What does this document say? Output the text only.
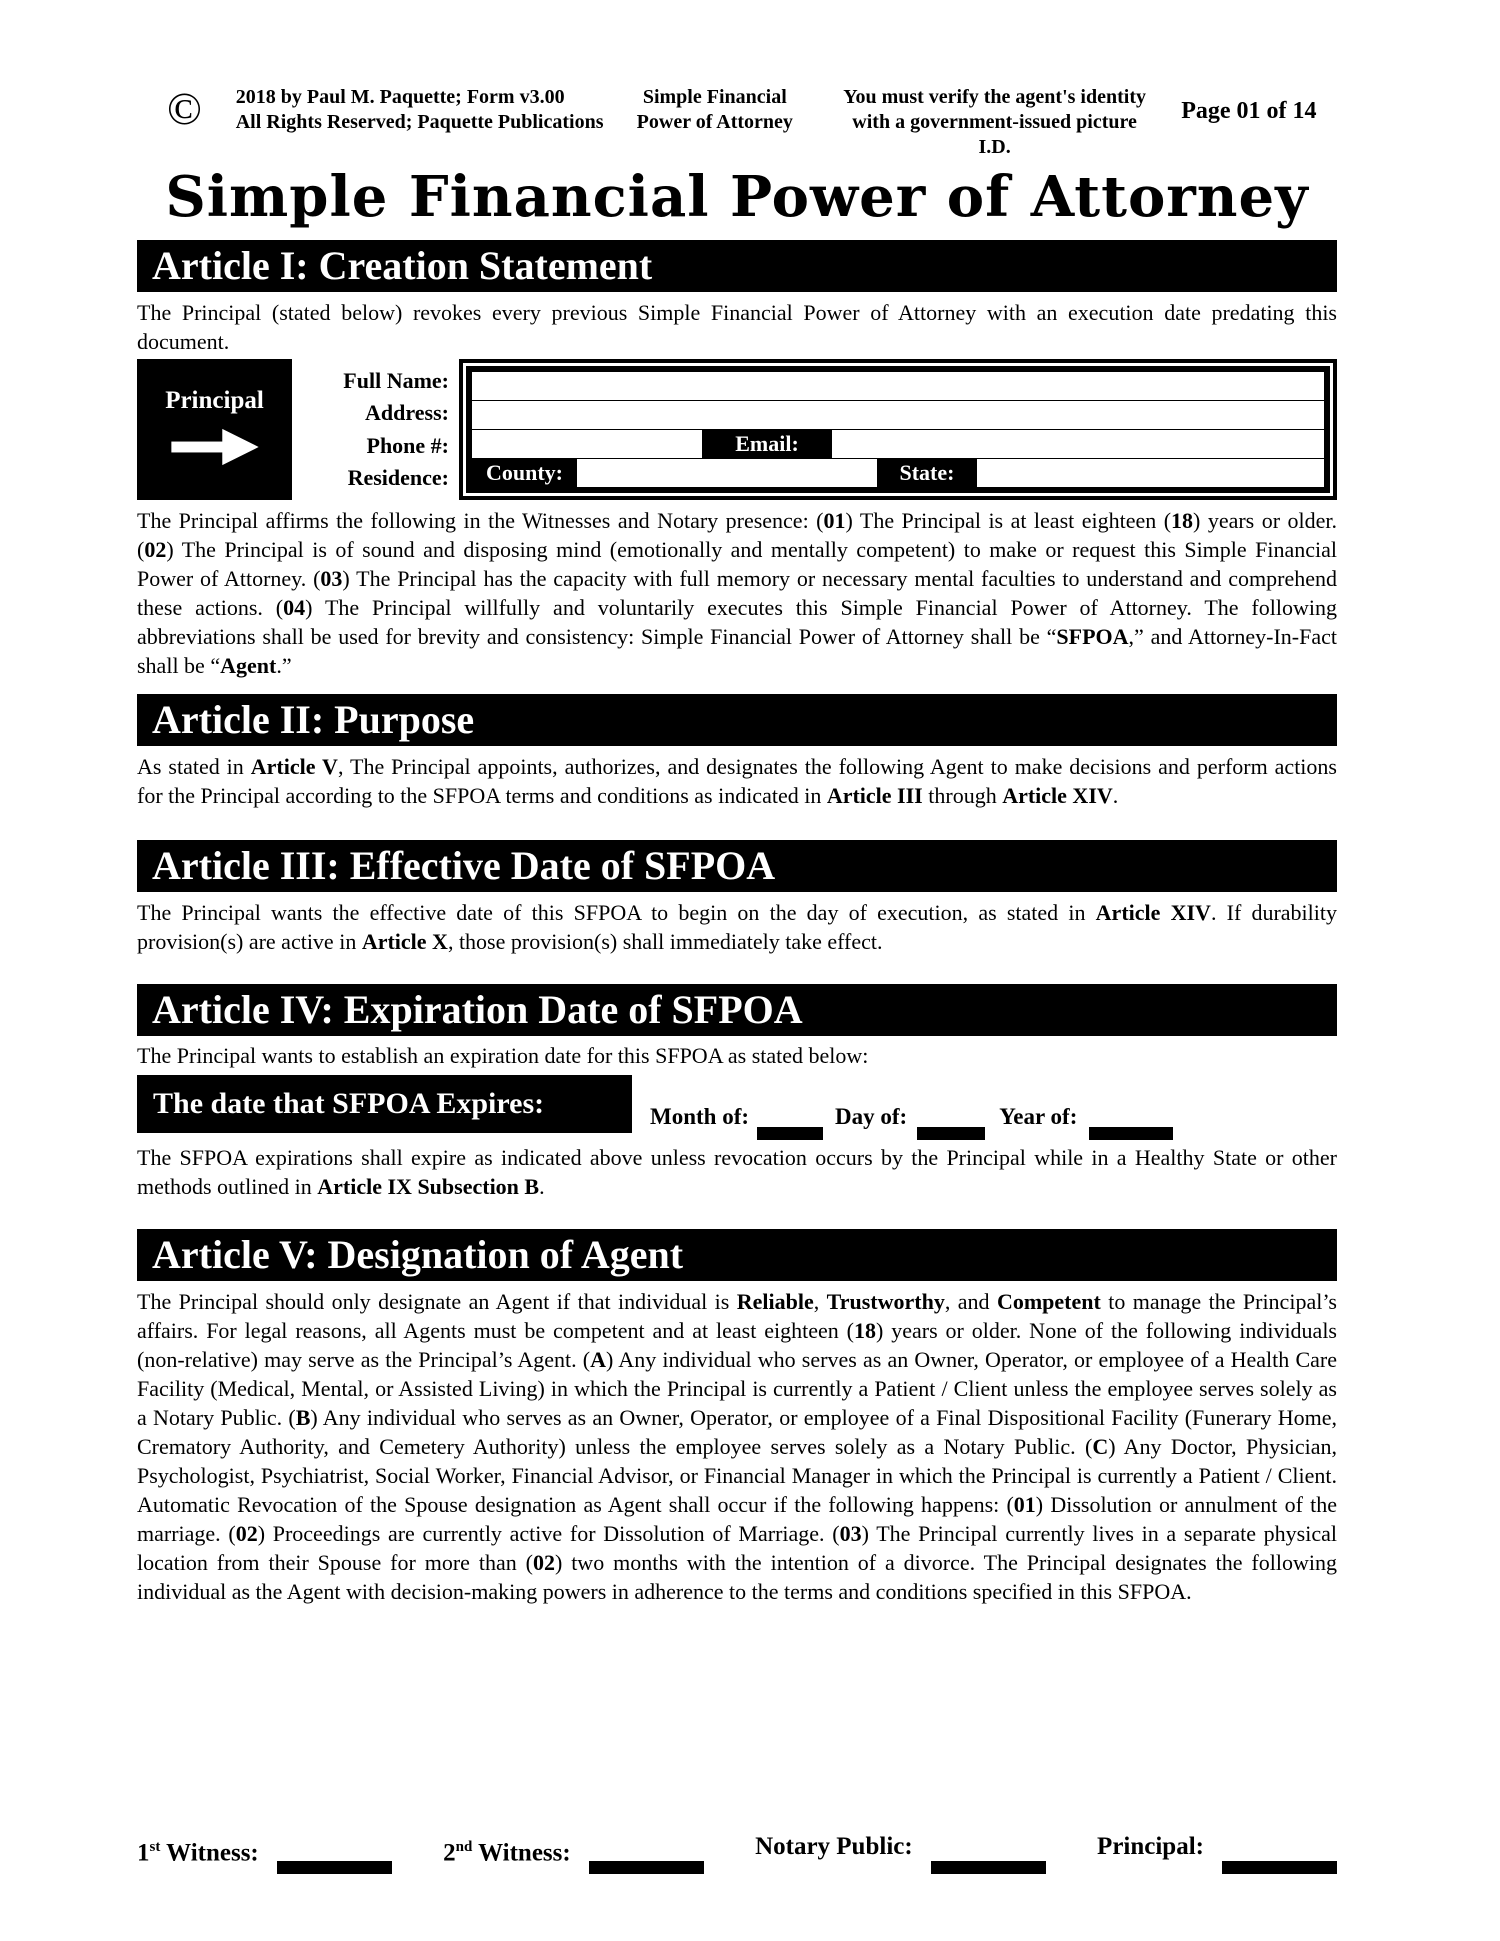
©	2018 by Paul M. Paquette; Form v3.00
All Rights Reserved; Paquette Publications
Simple Financial
Power of Attorney
You must verify the agent's identity
with a government-issued picture I.D.
Page 01 of 14
Simple Financial Power of Attorney
Article I: Creation Statement
The Principal (stated below) revokes every previous Simple Financial Power of Attorney with an execution date predating this document.
Principal
Full Name:
Address:
Phone #:
Residence:
Email:
County:	State:
The Principal affirms the following in the Witnesses and Notary presence: (01) The Principal is at least eighteen (18) years or older. (02) The Principal is of sound and disposing mind (emotionally and mentally competent) to make or request this Simple Financial Power of Attorney. (03) The Principal has the capacity with full memory or necessary mental faculties to understand and comprehend these actions. (04) The Principal willfully and voluntarily executes this Simple Financial Power of Attorney. The following abbreviations shall be used for brevity and consistency: Simple Financial Power of Attorney shall be “SFPOA,” and Attorney-In-Fact shall be “Agent.”
Article II: Purpose
As stated in Article V, The Principal appoints, authorizes, and designates the following Agent to make decisions and perform actions for the Principal according to the SFPOA terms and conditions as indicated in Article III through Article XIV.
Article III: Effective Date of SFPOA
The Principal wants the effective date of this SFPOA to begin on the day of execution, as stated in Article XIV. If durability provision(s) are active in Article X, those provision(s) shall immediately take effect.
Article IV: Expiration Date of SFPOA
The Principal wants to establish an expiration date for this SFPOA as stated below:
The date that SFPOA Expires:	Month of:	Day of:	Year of:
The SFPOA expirations shall expire as indicated above unless revocation occurs by the Principal while in a Healthy State or other methods outlined in Article IX Subsection B.
Article V: Designation of Agent
The Principal should only designate an Agent if that individual is Reliable, Trustworthy, and Competent to manage the Principal’s affairs. For legal reasons, all Agents must be competent and at least eighteen (18) years or older. None of the following individuals (non-relative) may serve as the Principal’s Agent. (A) Any individual who serves as an Owner, Operator, or employee of a Health Care Facility (Medical, Mental, or Assisted Living) in which the Principal is currently a Patient / Client unless the employee serves solely as a Notary Public. (B) Any individual who serves as an Owner, Operator, or employee of a Final Dispositional Facility (Funerary Home, Crematory Authority, and Cemetery Authority) unless the employee serves solely as a Notary Public. (C) Any Doctor, Physician, Psychologist, Psychiatrist, Social Worker, Financial Advisor, or Financial Manager in which the Principal is currently a Patient / Client. Automatic Revocation of the Spouse designation as Agent shall occur if the following happens: (01) Dissolution or annulment of the marriage. (02) Proceedings are currently active for Dissolution of Marriage. (03) The Principal currently lives in a separate physical location from their Spouse for more than (02) two months with the intention of a divorce. The Principal designates the following individual as the Agent with decision-making powers in adherence to the terms and conditions specified in this SFPOA.
1st Witness:	2nd Witness:	Notary Public:	Principal:
